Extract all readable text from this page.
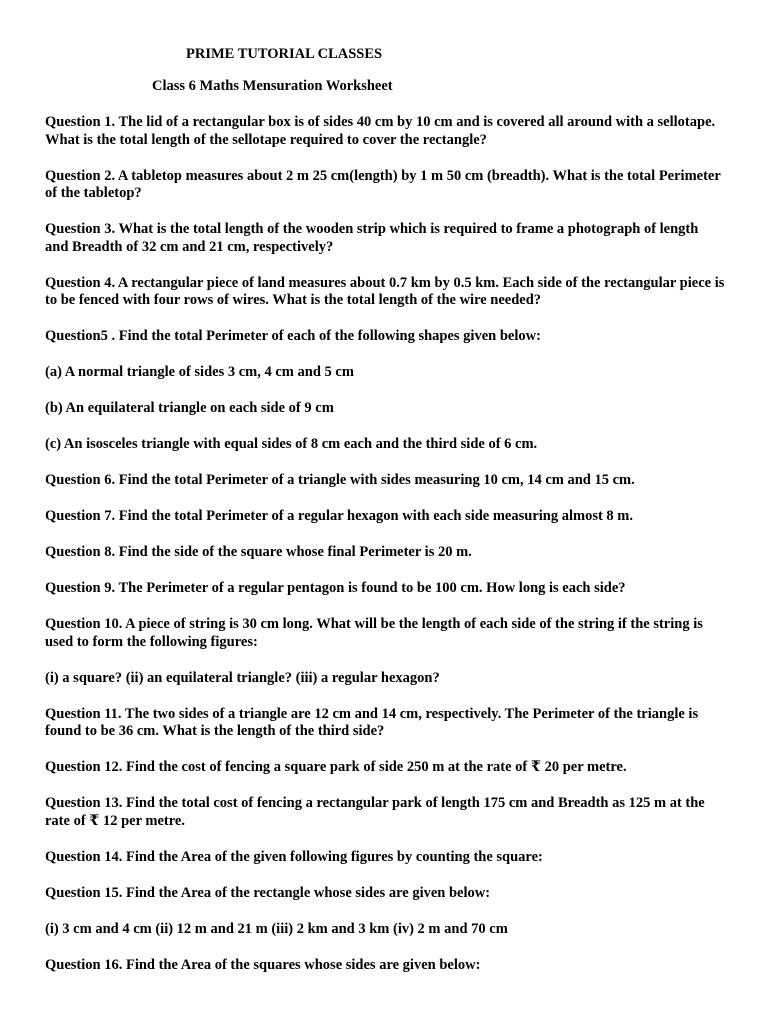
PRIME TUTORIAL CLASSES
Class 6 Maths Mensuration Worksheet

Question 1. The lid of a rectangular box is of sides 40 cm by 10 cm and is covered all around with a sellotape. What is the total length of the sellotape required to cover the rectangle?

Question 2. A tabletop measures about 2 m 25 cm(length) by 1 m 50 cm (breadth). What is the total Perimeter of the tabletop?

Question 3. What is the total length of the wooden strip which is required to frame a photograph of length and Breadth of 32 cm and 21 cm, respectively?

Question 4. A rectangular piece of land measures about 0.7 km by 0.5 km. Each side of the rectangular piece is to be fenced with four rows of wires. What is the total length of the wire needed?

Question5 . Find the total Perimeter of each of the following shapes given below:

(a) A normal triangle of sides 3 cm, 4 cm and 5 cm

(b) An equilateral triangle on each side of 9 cm

(c) An isosceles triangle with equal sides of 8 cm each and the third side of 6 cm.

Question 6. Find the total Perimeter of a triangle with sides measuring 10 cm, 14 cm and 15 cm.

Question 7. Find the total Perimeter of a regular hexagon with each side measuring almost 8 m.

Question 8. Find the side of the square whose final Perimeter is 20 m.

Question 9. The Perimeter of a regular pentagon is found to be 100 cm. How long is each side?

Question 10. A piece of string is 30 cm long. What will be the length of each side of the string if the string is used to form the following figures:

(i) a square? (ii) an equilateral triangle? (iii) a regular hexagon?

Question 11. The two sides of a triangle are 12 cm and 14 cm, respectively. The Perimeter of the triangle is found to be 36 cm. What is the length of the third side?

Question 12. Find the cost of fencing a square park of side 250 m at the rate of ₹ 20 per metre.

Question 13. Find the total cost of fencing a rectangular park of length 175 cm and Breadth as 125 m at the rate of ₹ 12 per metre.

Question 14. Find the Area of the given following figures by counting the square:

Question 15. Find the Area of the rectangle whose sides are given below:

(i) 3 cm and 4 cm (ii) 12 m and 21 m (iii) 2 km and 3 km (iv) 2 m and 70 cm

Question 16. Find the Area of the squares whose sides are given below:
